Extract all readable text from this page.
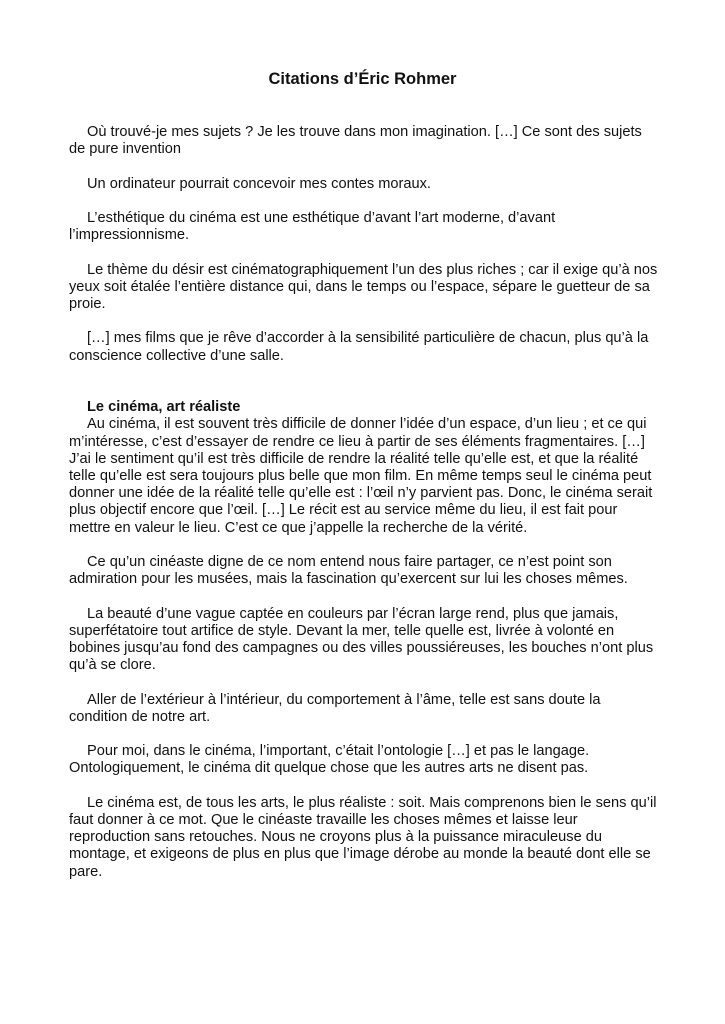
Citations d’Éric Rohmer

Où trouvé-je mes sujets ? Je les trouve dans mon imagination. […] Ce sont des sujets de pure invention

Un ordinateur pourrait concevoir mes contes moraux.

L’esthétique du cinéma est une esthétique d’avant l’art moderne, d’avant l’impressionnisme.

Le thème du désir est cinématographiquement l’un des plus riches ; car il exige qu’à nos yeux soit étalée l’entière distance qui, dans le temps ou l’espace, sépare le guetteur de sa proie.

[…] mes films que je rêve d’accorder à la sensibilité particulière de chacun, plus qu’à la conscience collective d’une salle.

Le cinéma, art réaliste

Au cinéma, il est souvent très difficile de donner l’idée d’un espace, d’un lieu ; et ce qui m’intéresse, c’est d’essayer de rendre ce lieu à partir de ses éléments fragmentaires. […] J’ai le sentiment qu’il est très difficile de rendre la réalité telle qu’elle est, et que la réalité telle qu’elle est sera toujours plus belle que mon film. En même temps seul le cinéma peut donner une idée de la réalité telle qu’elle est : l’œil n’y parvient pas. Donc, le cinéma serait plus objectif encore que l’œil. […] Le récit est au service même du lieu, il est fait pour mettre en valeur le lieu. C’est ce que j’appelle la recherche de la vérité.

Ce qu’un cinéaste digne de ce nom entend nous faire partager, ce n’est point son admiration pour les musées, mais la fascination qu’exercent sur lui les choses mêmes.

La beauté d’une vague captée en couleurs par l’écran large rend, plus que jamais, superfétatoire tout artifice de style. Devant la mer, telle quelle est, livrée à volonté en bobines jusqu’au fond des campagnes ou des villes poussiéreuses, les bouches n’ont plus qu’à se clore.

Aller de l’extérieur à l’intérieur, du comportement à l’âme, telle est sans doute la condition de notre art.

Pour moi, dans le cinéma, l’important, c’était l’ontologie […] et pas le langage. Ontologiquement, le cinéma dit quelque chose que les autres arts ne disent pas.

Le cinéma est, de tous les arts, le plus réaliste : soit. Mais comprenons bien le sens qu’il faut donner à ce mot. Que le cinéaste travaille les choses mêmes et laisse leur reproduction sans retouches. Nous ne croyons plus à la puissance miraculeuse du montage, et exigeons de plus en plus que l’image dérobe au monde la beauté dont elle se pare.
